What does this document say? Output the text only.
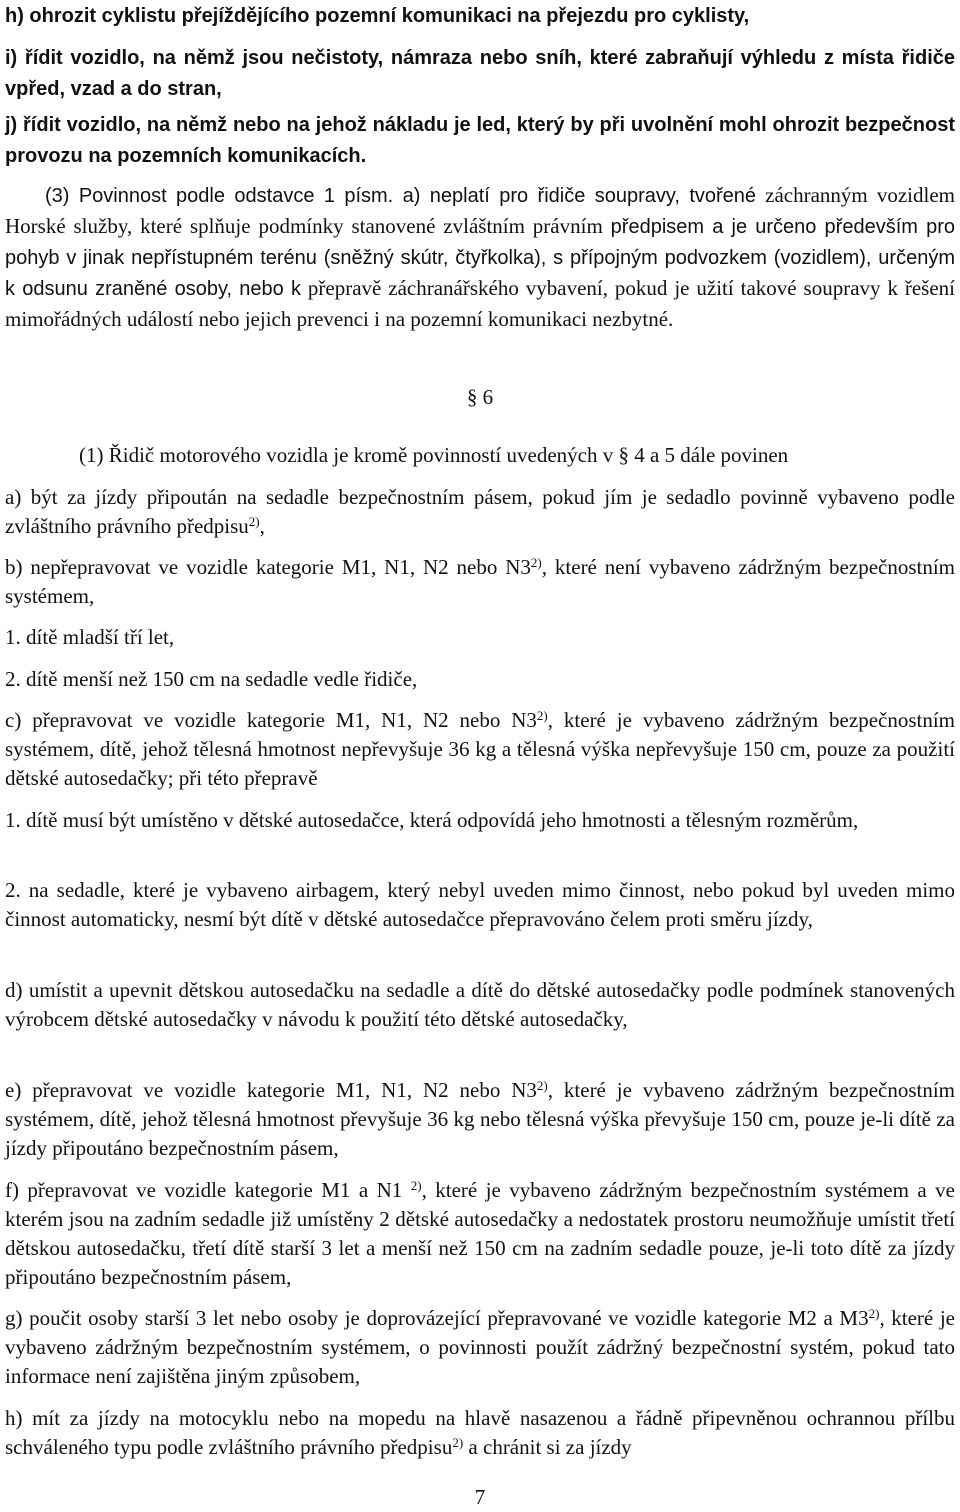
h) ohrozit cyklistu přejíždějícího pozemní komunikaci na přejezdu pro cyklisty,

i) řídit vozidlo, na němž jsou nečistoty, námraza nebo sníh, které zabraňují výhledu z místa řidiče vpřed, vzad a do stran,

j) řídit vozidlo, na němž nebo na jehož nákladu je led, který by při uvolnění mohl ohrozit bezpečnost provozu na pozemních komunikacích.

(3) Povinnost podle odstavce 1 písm. a) neplatí pro řidiče soupravy, tvořené záchranným vozidlem Horské služby, které splňuje podmínky stanovené zvláštním právním předpisem a je určeno především pro pohyb v jinak nepřístupném terénu (sněžný skútr, čtyřkolka), s přípojným podvozkem (vozidlem), určeným k odsunu zraněné osoby, nebo k přepravě záchranářského vybavení, pokud je užití takové soupravy k řešení mimořádných událostí nebo jejich prevenci i na pozemní komunikaci nezbytné.

§ 6

(1) Řidič motorového vozidla je kromě povinností uvedených v § 4 a 5 dále povinen

a) být za jízdy připoután na sedadle bezpečnostním pásem, pokud jím je sedadlo povinně vybaveno podle zvláštního právního předpisu$^{2)}$,

b) nepřepravovat ve vozidle kategorie M1, N1, N2 nebo N3$^{2)}$, které není vybaveno zádržným bezpečnostním systémem,

1. dítě mladší tří let,

2. dítě menší než 150 cm na sedadle vedle řidiče,

c) přepravovat ve vozidle kategorie M1, N1, N2 nebo N3$^{2)}$, které je vybaveno zádržným bezpečnostním systémem, dítě, jehož tělesná hmotnost nepřevyšuje 36 kg a tělesná výška nepřevyšuje 150 cm, pouze za použití dětské autosedačky; při této přepravě

1. dítě musí být umístěno v dětské autosedačce, která odpovídá jeho hmotnosti a tělesným rozměrům,

2. na sedadle, které je vybaveno airbagem, který nebyl uveden mimo činnost, nebo pokud byl uveden mimo činnost automaticky, nesmí být dítě v dětské autosedačce přepravováno čelem proti směru jízdy,

d) umístit a upevnit dětskou autosedačku na sedadle a dítě do dětské autosedačky podle podmínek stanovených výrobcem dětské autosedačky v návodu k použití této dětské autosedačky,

e) přepravovat ve vozidle kategorie M1, N1, N2 nebo N3$^{2)}$, které je vybaveno zádržným bezpečnostním systémem, dítě, jehož tělesná hmotnost převyšuje 36 kg nebo tělesná výška převyšuje 150 cm, pouze je-li dítě za jízdy připoutáno bezpečnostním pásem,

f) přepravovat ve vozidle kategorie M1 a N1 $^{2)}$, které je vybaveno zádržným bezpečnostním systémem a ve kterém jsou na zadním sedadle již umístěny 2 dětské autosedačky a nedostatek prostoru neumožňuje umístit třetí dětskou autosedačku, třetí dítě starší 3 let a menší než 150 cm na zadním sedadle pouze, je-li toto dítě za jízdy připoutáno bezpečnostním pásem,

g) poučit osoby starší 3 let nebo osoby je doprovázející přepravované ve vozidle kategorie M2 a M3$^{2)}$, které je vybaveno zádržným bezpečnostním systémem, o povinnosti použít zádržný bezpečnostní systém, pokud tato informace není zajištěna jiným způsobem,

h) mít za jízdy na motocyklu nebo na mopedu na hlavě nasazenou a řádně připevněnou ochrannou přílbu schváleného typu podle zvláštního právního předpisu$^{2)}$ a chránit si za jízdy

7
